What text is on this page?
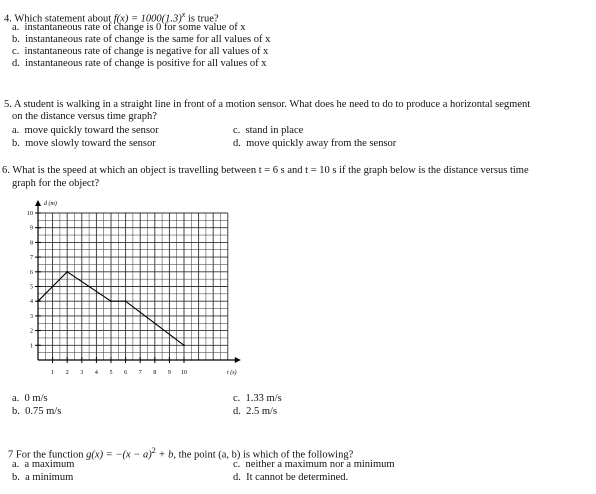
4. Which statement about $f(x) = 1000(1.3)^x$ is true?
a. instantaneous rate of change is 0 for some value of x
b. instantaneous rate of change is the same for all values of x
c. instantaneous rate of change is negative for all values of x
d. instantaneous rate of change is positive for all values of x
5. A student is walking in a straight line in front of a motion sensor. What does he need to do to produce a horizontal segment
on the distance versus time graph?
a. move quickly toward the sensor
b. move slowly toward the sensor
c. stand in place
d. move quickly away from the sensor
6. What is the speed at which an object is travelling between t = 6 s and t = 10 s if the graph below is the distance versus time
graph for the object?
1 2 3 4 5 6 7 8 9 10
1
2
3
4
5
6
7
8
9
10
d (m)
t (s)
a. 0 m/s
b. 0.75 m/s
c. 1.33 m/s
d. 2.5 m/s
7 For the function $g(x) = -(x - a)^2 + b$, the point (a, b) is which of the following?
a. a maximum
b. a minimum
c. neither a maximum nor a minimum
d. It cannot be determined.
